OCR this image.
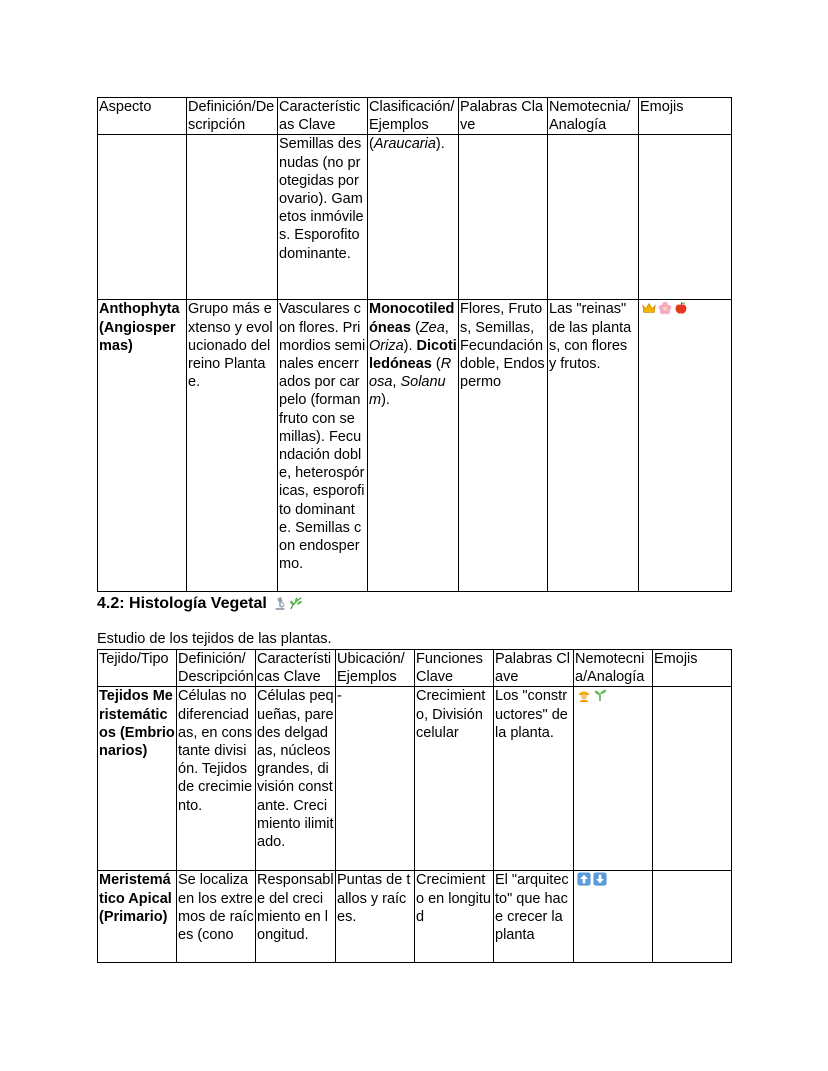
Aspecto	Definición/Descripción	Características Clave	Clasificación/Ejemplos	Palabras Clave	Nemotecnia/Analogía	Emojis
		Semillas desnudas (no protegidas por ovario). Gametos inmóviles. Esporofito dominante.	(Araucaria).			
Anthophyta (Angiospermas)	Grupo más extenso y evolucionado del reino Plantae.	Vasculares con flores. Primordios seminales encerrados por carpelo (forman fruto con semillas). Fecundación doble, heterospóricas, esporofito dominante. Semillas con endospermo.	Monocotiledóneas (Zea, Oriza). Dicotiledóneas (Rosa, Solanum).	Flores, Frutos, Semillas, Fecundación doble, Endospermo	Las "reinas" de las plantas, con flores y frutos.	
4.2: Histología Vegetal
Estudio de los tejidos de las plantas.
Tejido/Tipo	Definición/Descripción	Características Clave	Ubicación/Ejemplos	Funciones Clave	Palabras Clave	Nemotecnia/Analogía	Emojis
Tejidos Meristemáticos (Embrionarios)	Células no diferenciadas, en constante división. Tejidos de crecimiento.	Células pequeñas, paredes delgadas, núcleos grandes, división constante. Crecimiento ilimitado.	-	Crecimiento, División celular	Los "constructores" de la planta.		
Meristemático Apical (Primario)	Se localiza en los extremos de raíces (cono	Responsable del crecimiento en longitud.	Puntas de tallos y raíces.	Crecimiento en longitud	El "arquitecto" que hace crecer la planta		
